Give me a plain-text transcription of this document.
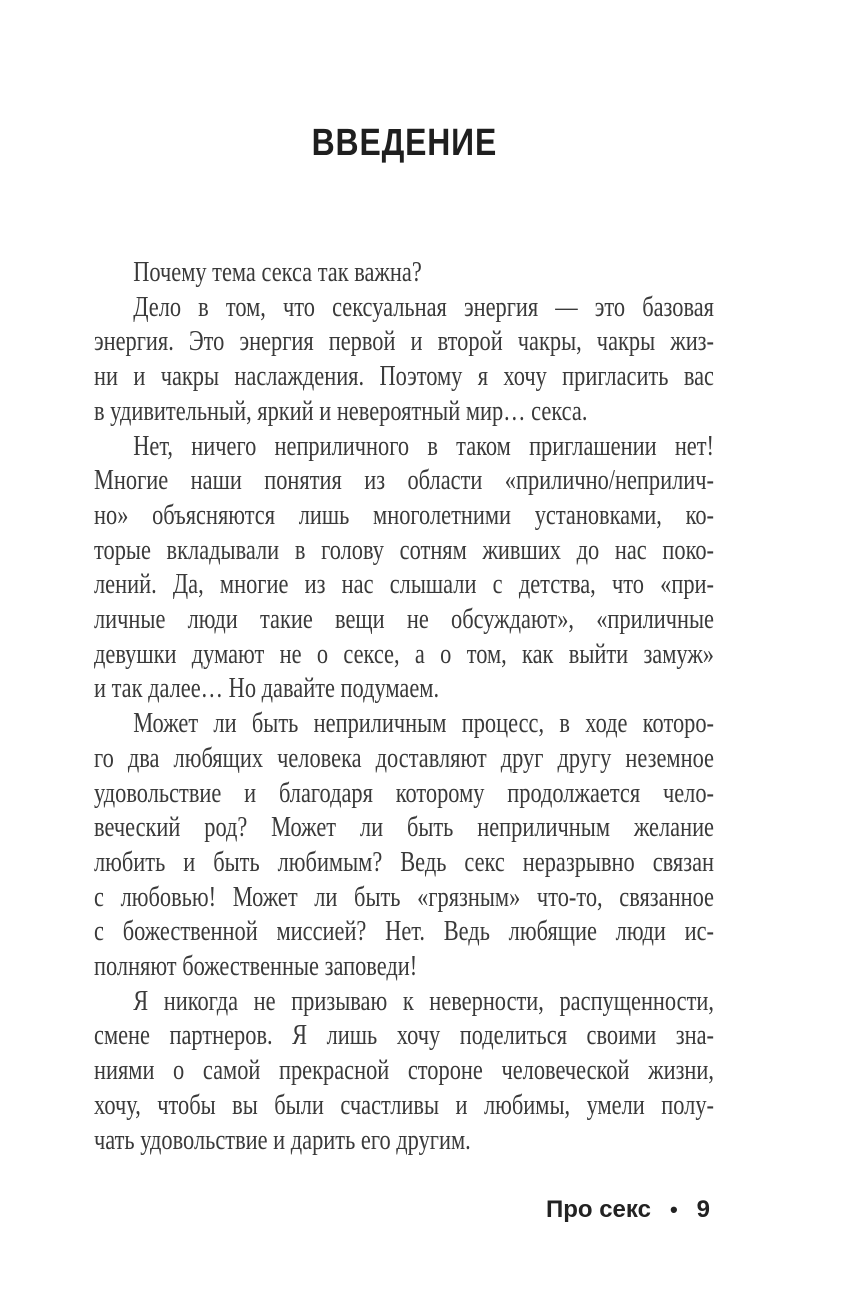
ВВЕДЕНИЕ
Почему тема секса так важна?
Дело в том, что сексуальная энергия — это базовая
энергия. Это энергия первой и второй чакры, чакры жиз-
ни и чакры наслаждения. Поэтому я хочу пригласить вас
в удивительный, яркий и невероятный мир… секса.
Нет, ничего неприличного в таком приглашении нет!
Многие наши понятия из области «прилично/неприлич-
но» объясняются лишь многолетними установками, ко-
торые вкладывали в голову сотням живших до нас поко-
лений. Да, многие из нас слышали с детства, что «при-
личные люди такие вещи не обсуждают», «приличные
девушки думают не о сексе, а о том, как выйти замуж»
и так далее… Но давайте подумаем.
Может ли быть неприличным процесс, в ходе которо-
го два любящих человека доставляют друг другу неземное
удовольствие и благодаря которому продолжается чело-
веческий род? Может ли быть неприличным желание
любить и быть любимым? Ведь секс неразрывно связан
с любовью! Может ли быть «грязным» что-то, связанное
с божественной миссией? Нет. Ведь любящие люди ис-
полняют божественные заповеди!
Я никогда не призываю к неверности, распущенности,
смене партнеров. Я лишь хочу поделиться своими зна-
ниями о самой прекрасной стороне человеческой жизни,
хочу, чтобы вы были счастливы и любимы, умели полу-
чать удовольствие и дарить его другим.
Про секс • 9
